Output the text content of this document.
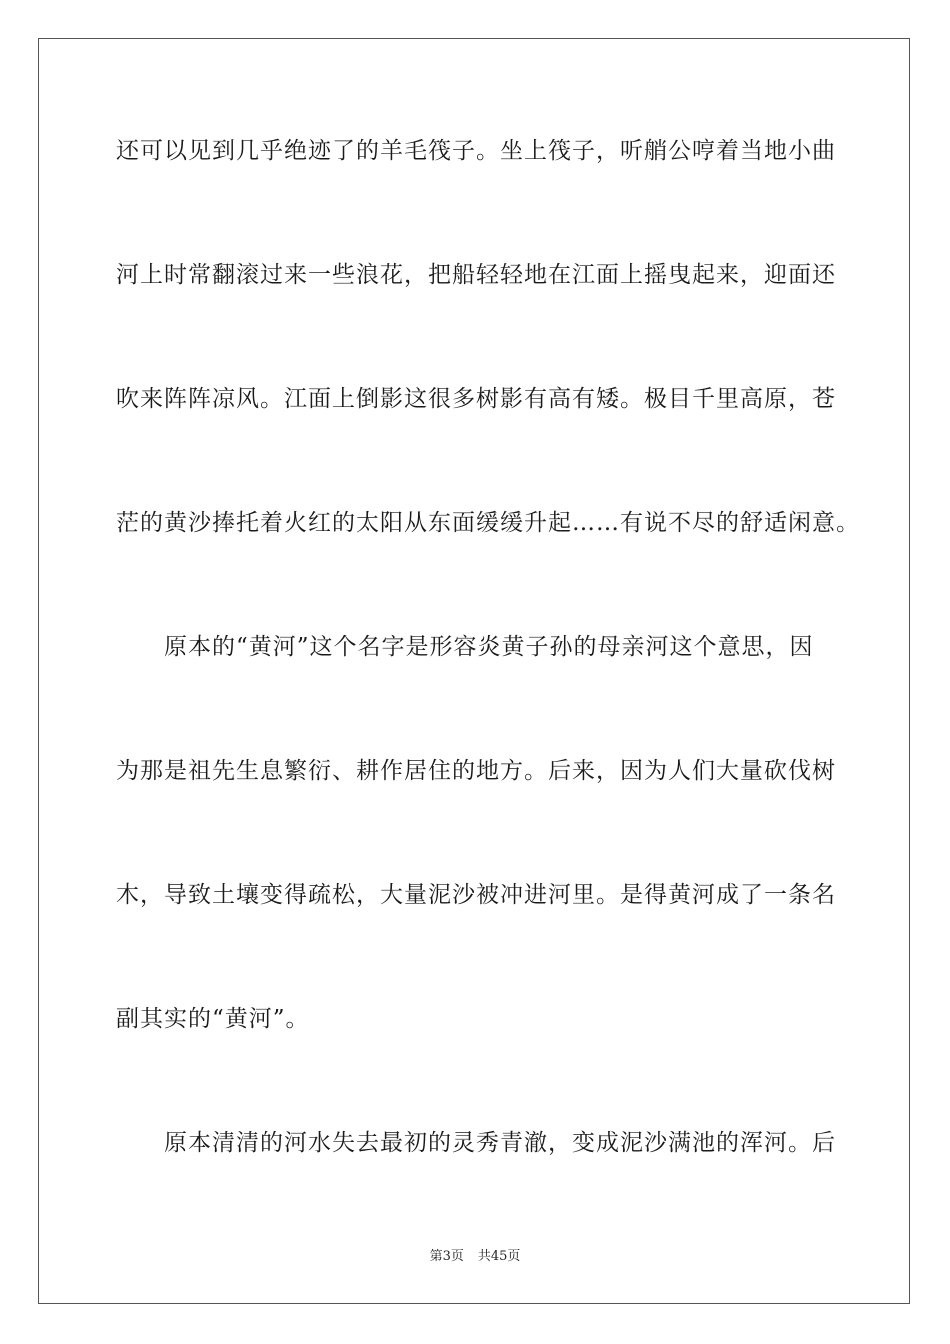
还可以见到几乎绝迹了的羊毛筏子。坐上筏子，听艄公哼着当地小曲
河上时常翻滚过来一些浪花，把船轻轻地在江面上摇曳起来，迎面还
吹来阵阵凉风。江面上倒影这很多树影有高有矮。极目千里高原，苍
茫的黄沙捧托着火红的太阳从东面缓缓升起……有说不尽的舒适闲意。
原本的“黄河”这个名字是形容炎黄子孙的母亲河这个意思，因
为那是祖先生息繁衍、耕作居住的地方。后来，因为人们大量砍伐树
木，导致土壤变得疏松，大量泥沙被冲进河里。是得黄河成了一条名
副其实的“黄河”。
原本清清的河水失去最初的灵秀青澈，变成泥沙满池的浑河。后
第3页 共45页
